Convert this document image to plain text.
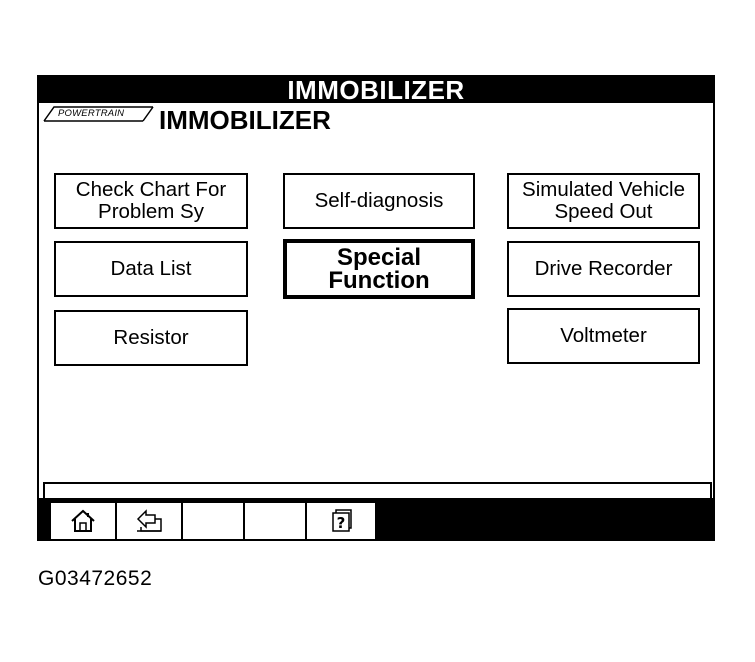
IMMOBILIZER
POWERTRAIN IMMOBILIZER
Check Chart For Problem Sy	Self-diagnosis	Simulated Vehicle Speed Out
Data List	Special Function	Drive Recorder
Resistor	Voltmeter
?
G03472652
